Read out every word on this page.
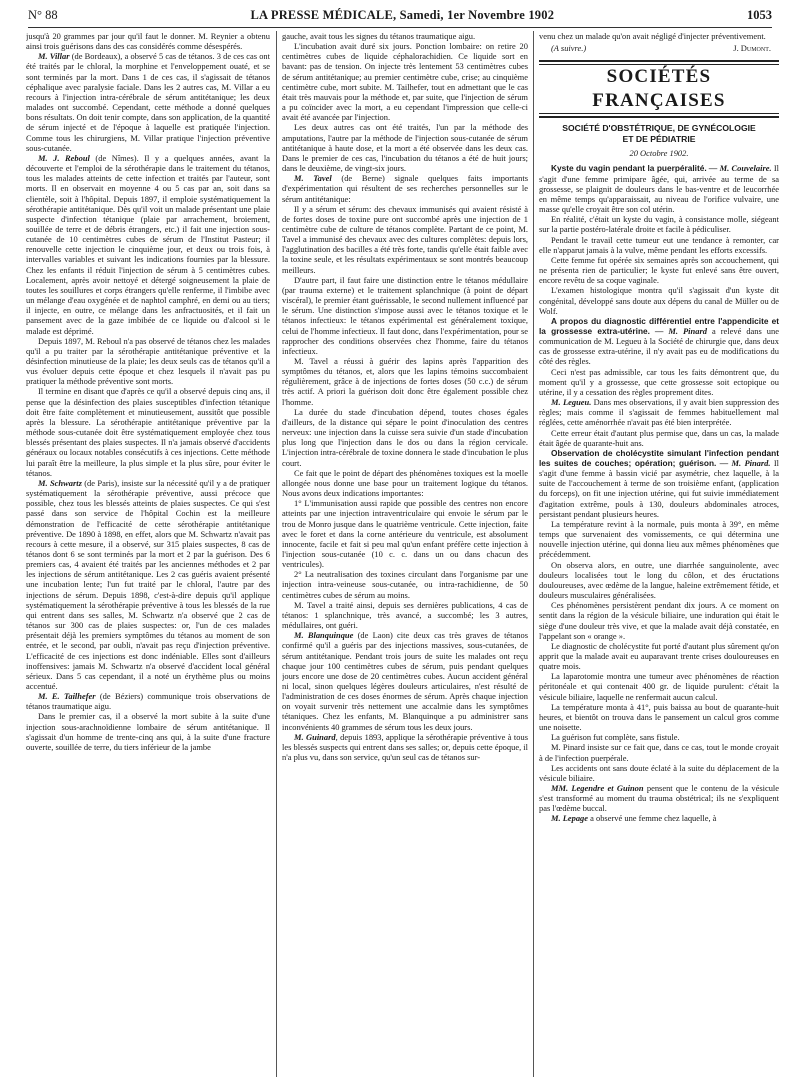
N° 88	LA PRESSE MÉDICALE, Samedi, 1er Novembre 1902	1053

jusqu'à 20 grammes par jour qu'il faut le donner. M. Reynier a obtenu ainsi trois guérisons dans des cas considérés comme désespérés.

M. Villar (de Bordeaux), a observé 5 cas de tétanos. 3 de ces cas ont été traités par le chloral, la morphine et l'enveloppement ouaté, et se sont terminés par la mort. Dans 1 de ces cas, il s'agissait de tétanos céphalique avec paralysie faciale. Dans les 2 autres cas, M. Villar a eu recours à l'injection intra-cérébrale de sérum antitétanique; les deux malades ont succombé. Cependant, cette méthode a donné quelques bons résultats. On doit tenir compte, dans son application, de la quantité de sérum injecté et de l'époque à laquelle est pratiquée l'injection. Comme tous les chirurgiens, M. Villar pratique l'injection préventive sous-cutanée.

M. J. Reboul (de Nîmes). Il y a quelques années, avant la découverte et l'emploi de la sérothérapie dans le traitement du tétanos, tous les malades atteints de cette infection et traités par l'auteur, sont morts. Il en observait en moyenne 4 ou 5 cas par an, soit dans sa clientèle, soit à l'hôpital. Depuis 1897, il emploie systématiquement la sérothérapie antitétanique. Dès qu'il voit un malade présentant une plaie suspecte d'infection tétanique (plaie par arrachement, broiement, souillée de terre et de débris étrangers, etc.) il fait une injection sous-cutanée de 10 centimètres cubes de sérum de l'Institut Pasteur; il renouvelle cette injection le cinquième jour, et deux ou trois fois, à intervalles variables et suivant les indications fournies par la blessure. Chez les enfants il réduit l'injection de sérum à 5 centimètres cubes. Localement, après avoir nettoyé et détergé soigneusement la plaie de toutes les souillures et corps étrangers qu'elle renferme, il l'imbibe avec un mélange d'eau oxygénée et de naphtol camphré, en demi ou au tiers; il injecte, en outre, ce mélange dans les anfractuosités, et il fait un pansement avec de la gaze imbibée de ce liquide ou d'alcool si le malade est déprimé.

Depuis 1897, M. Reboul n'a pas observé de tétanos chez les malades qu'il a pu traiter par la sérothérapie antitétanique préventive et la désinfection minutieuse de la plaie; les deux seuls cas de tétanos qu'il a vus évoluer depuis cette époque et chez lesquels il n'avait pas pu pratiquer la méthode préventive sont morts.

Il termine en disant que d'après ce qu'il a observé depuis cinq ans, il pense que la désinfection des plaies susceptibles d'infection tétanique doit être faite complètement et minutieusement, aussitôt que possible après la blessure. La sérothérapie antitétanique préventive par la méthode sous-cutanée doit être systématiquement employée chez tous blessés présentant des plaies suspectes. Il n'a jamais observé d'accidents généraux ou locaux notables consécutifs à ces injections. Cette méthode lui paraît être la meilleure, la plus simple et la plus sûre, pour éviter le tétanos.

M. Schwartz (de Paris), insiste sur la nécessité qu'il y a de pratiquer systématiquement la sérothérapie préventive, aussi précoce que possible, chez tous les blessés atteints de plaies suspectes. Ce qui s'est passé dans son service de l'hôpital Cochin est la meilleure démonstration de l'efficacité de cette sérothérapie antitétanique préventive. De 1890 à 1898, en effet, alors que M. Schwartz n'avait pas recours à cette mesure, il a observé, sur 315 plaies suspectes, 8 cas de tétanos dont 6 se sont terminés par la mort et 2 par la guérison. Des 6 premiers cas, 4 avaient été traités par les anciennes méthodes et 2 par les injections de sérum antitétanique. Les 2 cas guéris avaient présenté une incubation lente; l'un fut traité par le chloral, l'autre par des injections de sérum. Depuis 1898, c'est-à-dire depuis qu'il applique systématiquement la sérothérapie préventive à tous les blessés de la rue qui entrent dans ses salles, M. Schwartz n'a observé que 2 cas de tétanos sur 300 cas de plaies suspectes: or, l'un de ces malades présentait déjà les premiers symptômes du tétanos au moment de son entrée, et le second, par oubli, n'avait pas reçu d'injection préventive. L'efficacité de ces injections est donc indéniable. Elles sont d'ailleurs inoffensives: jamais M. Schwartz n'a observé d'accident local général sérieux. Dans 5 cas cependant, il a noté un érythème plus ou moins accentué.

M. E. Tailhefer (de Béziers) communique trois observations de tétanos traumatique aigu.

Dans le premier cas, il a observé la mort subite à la suite d'une injection sous-arachnoïdienne lombaire de sérum antitétanique. Il s'agissait d'un homme de trente-cinq ans qui, à la suite d'une fracture ouverte, souillée de terre, du tiers inférieur de la jambe

gauche, avait tous les signes du tétanos traumatique aigu.

L'incubation avait duré six jours. Ponction lombaire: on retire 20 centimètres cubes de liquide céphalorachidien. Ce liquide sort en bavant: pas de tension. On injecte très lentement 53 centimètres cubes de sérum antitétanique; au premier centimètre cube, crise; au cinquième centimètre cube, mort subite. M. Tailhefer, tout en admettant que le cas était très mauvais pour la méthode et, par suite, que l'injection de sérum a pu coïncider avec la mort, a eu cependant l'impression que celle-ci avait été avancée par l'injection.

Les deux autres cas ont été traités, l'un par la méthode des amputations, l'autre par la méthode de l'injection sous-cutanée de sérum antitétanique à haute dose, et la mort a été observée dans les deux cas. Dans le premier de ces cas, l'incubation du tétanos a été de huit jours; dans le deuxième, de vingt-six jours.

M. Tavel (de Berne) signale quelques faits importants d'expérimentation qui résultent de ses recherches personnelles sur le sérum antitétanique:

Il y a sérum et sérum: des chevaux immunisés qui avaient résisté à de fortes doses de toxine pure ont succombé après une injection de 1 centimètre cube de culture de tétanos complète. Partant de ce point, M. Tavel a immunisé des chevaux avec des cultures complètes: depuis lors, l'agglutination des bacilles a été très forte, tandis qu'elle était faible avec la toxine seule, et les résultats expérimentaux se sont montrés beaucoup meilleurs.

D'autre part, il faut faire une distinction entre le tétanos médullaire (par trauma externe) et le traitement splanchnique (à point de départ viscéral), le premier étant guérissable, le second nullement influencé par le sérum. Une distinction s'impose aussi avec le tétanos toxique et le tétanos infectieux: le tétanos expérimental est généralement toxique, celui de l'homme infectieux. Il faut donc, dans l'expérimentation, pour se rapprocher des conditions observées chez l'homme, faire du tétanos infectieux.

M. Tavel a réussi à guérir des lapins après l'apparition des symptômes du tétanos, et, alors que les lapins témoins succombaient régulièrement, grâce à de injections de fortes doses (50 c.c.) de sérum très actif. A priori la guérison doit donc être également possible chez l'homme.

La durée du stade d'incubation dépend, toutes choses égales d'ailleurs, de la distance qui sépare le point d'inoculation des centres nerveux: une injection dans la cuisse sera suivie d'un stade d'incubation plus long que l'injection dans le dos ou dans la région cervicale. L'injection intra-cérébrale de toxine donnera le stade d'incubation le plus court.

Ce fait que le point de départ des phénomènes toxiques est la moelle allongée nous donne une base pour un traitement logique du tétanos. Nous avons deux indications importantes:

1° L'immunisation aussi rapide que possible des centres non encore atteints par une injection intraventriculaire qui envoie le sérum par le trou de Monro jusque dans le quatrième ventricule. Cette injection, faite avec le foret et dans la corne antérieure du ventricule, est absolument innocente, facile et fait si peu mal qu'un enfant préfère cette injection à l'injection sous-cutanée (10 c. c. dans un ou dans chacun des ventricules).

2° La neutralisation des toxines circulant dans l'organisme par une injection intra-veineuse sous-cutanée, ou intra-rachidienne, de 50 centimètres cubes de sérum au moins.

M. Tavel a traité ainsi, depuis ses dernières publications, 4 cas de tétanos: 1 splanchnique, très avancé, a succombé; les 3 autres, médullaires, ont guéri.

M. Blanquinque (de Laon) cite deux cas très graves de tétanos confirmé qu'il a guéris par des injections massives, sous-cutanées, de sérum antitétanique. Pendant trois jours de suite les malades ont reçu chaque jour 100 centimètres cubes de sérum, puis pendant quelques jours encore une dose de 20 centimètres cubes. Aucun accident général ni local, sinon quelques légères douleurs articulaires, n'est résulté de l'administration de ces doses énormes de sérum. Après chaque injection on voyait survenir très nettement une accalmie dans les symptômes tétaniques. Chez les enfants, M. Blanquinque a pu administrer sans inconvénients 40 grammes de sérum tous les deux jours.

M. Guinard, depuis 1893, applique la sérothérapie préventive à tous les blessés suspects qui entrent dans ses salles; or, depuis cette époque, il n'a plus vu, dans son service, qu'un seul cas de tétanos sur-

venu chez un malade qu'on avait négligé d'injecter préventivement.

(A suivre.)	J. Dumont.
SOCIÉTÉS FRANÇAISES
SOCIÉTÉ D'OBSTÉTRIQUE, DE GYNÉCOLOGIE
ET DE PÉDIATRIE
20 Octobre 1902.

Kyste du vagin pendant la puerpéralité. — M. Couvelaire. Il s'agit d'une femme primipare âgée, qui, arrivée au terme de sa grossesse, se plaignit de douleurs dans le bas-ventre et de leucorrhée en même temps qu'apparaissait, au niveau de l'orifice vulvaire, une masse qu'elle croyait être son col utérin.

En réalité, c'était un kyste du vagin, à consistance molle, siégeant sur la partie postéro-latérale droite et facile à pédiculiser.

Pendant le travail cette tumeur eut une tendance à remonter, car elle n'apparut jamais à la vulve, même pendant les efforts excessifs.

Cette femme fut opérée six semaines après son accouchement, qui ne présenta rien de particulier; le kyste fut enlevé sans être ouvert, encore revêtu de sa coque vaginale.

L'examen histologique montra qu'il s'agissait d'un kyste dit congénital, développé sans doute aux dépens du canal de Müller ou de Wolf.

A propos du diagnostic différentiel entre l'appendicite et la grossesse extra-utérine. — M. Pinard a relevé dans une communication de M. Legueu à la Société de chirurgie que, dans deux cas de grossesse extra-utérine, il n'y avait pas eu de modifications du côté des règles.

Ceci n'est pas admissible, car tous les faits démontrent que, du moment qu'il y a grossesse, que cette grossesse soit ectopique ou utérine, il y a cessation des règles proprement dites.

M. Legueu. Dans mes observations, il y avait bien suppression des règles; mais comme il s'agissait de femmes habituellement mal réglées, cette aménorrhée n'avait pas été bien interprétée.

Cette erreur était d'autant plus permise que, dans un cas, la malade était âgée de quarante-huit ans.

Observation de cholécystite simulant l'infection pendant les suites de couches; opération; guérison. — M. Pinard. Il s'agit d'une femme à bassin vicié par asymétrie, chez laquelle, à la suite de l'accouchement à terme de son troisième enfant, (application du forceps), on fit une injection utérine, qui fut suivie immédiatement d'agitation extrême, pouls à 130, douleurs abdominales atroces, persistant pendant plusieurs heures.

La température revint à la normale, puis monta à 39°, en même temps que survenaient des vomissements, ce qui détermina une nouvelle injection utérine, qui donna lieu aux mêmes phénomènes que précédemment.

On observa alors, en outre, une diarrhée sanguinolente, avec douleurs localisées tout le long du côlon, et des éructations douloureuses, avec œdème de la langue, haleine extrêmement fétide, et douleurs musculaires généralisées.

Ces phénomènes persistèrent pendant dix jours. A ce moment on sentit dans la région de la vésicule biliaire, une induration qui était le siège d'une douleur très vive, et que la malade avait déjà constatée, en l'appelant son « orange ».

Le diagnostic de cholécystite fut porté d'autant plus sûrement qu'on apprit que la malade avait eu auparavant trente crises douloureuses en quatre mois.

La laparotomie montra une tumeur avec phénomènes de réaction péritonéale et qui contenait 400 gr. de liquide purulent: c'était la vésicule biliaire, laquelle ne renfermait aucun calcul.

La température monta à 41°, puis baissa au bout de quarante-huit heures, et bientôt on trouva dans le pansement un calcul gros comme une noisette.

La guérison fut complète, sans fistule.

M. Pinard insiste sur ce fait que, dans ce cas, tout le monde croyait à de l'infection puerpérale.

Les accidents ont sans doute éclaté à la suite du déplacement de la vésicule biliaire.

MM. Legendre et Guinon pensent que le contenu de la vésicule s'est transformé au moment du trauma obstétrical; ils ne s'expliquent pas l'œdème buccal.

M. Lepage a observé une femme chez laquelle, à
